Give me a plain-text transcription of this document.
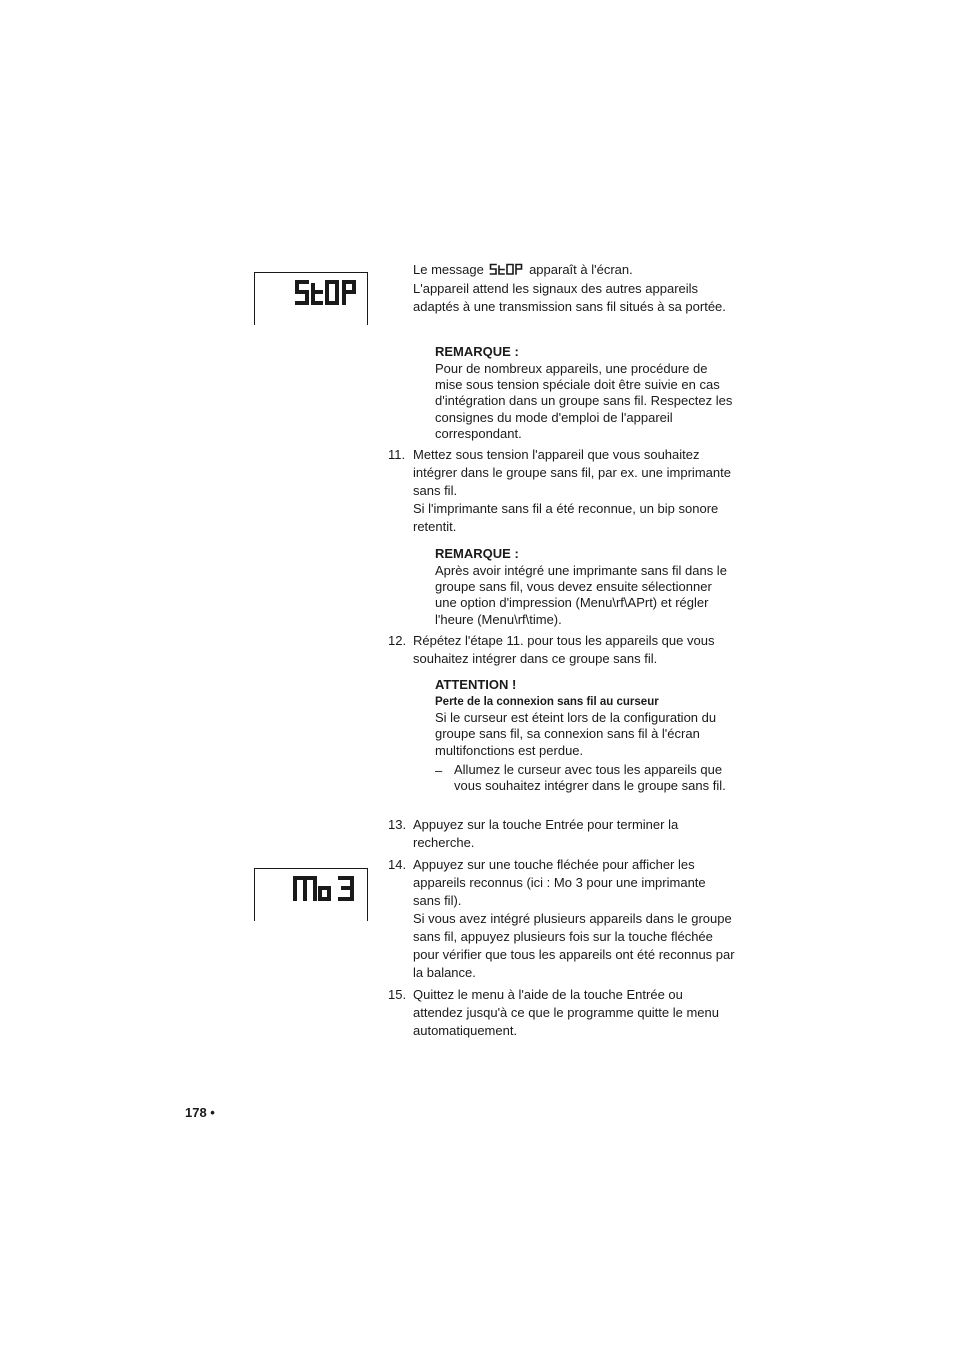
Le message	apparaît à l'écran.
L'appareil attend les signaux des autres appareils adaptés à une transmission sans fil situés à sa portée.
REMARQUE :
Pour de nombreux appareils, une procédure de mise sous tension spéciale doit être suivie en cas d'intégration dans un groupe sans fil. Respectez les consignes du mode d'emploi de l'appareil correspondant.
11. Mettez sous tension l'appareil que vous souhaitez intégrer dans le groupe sans fil, par ex. une imprimante sans fil.
Si l'imprimante sans fil a été reconnue, un bip sonore retentit.
REMARQUE :
Après avoir intégré une imprimante sans fil dans le groupe sans fil, vous devez ensuite sélectionner une option d'impression (Menu\rf\APrt) et régler l'heure (Menu\rf\time).
12. Répétez l'étape 11. pour tous les appareils que vous souhaitez intégrer dans ce groupe sans fil.
ATTENTION !
Perte de la connexion sans fil au curseur
Si le curseur est éteint lors de la configuration du groupe sans fil, sa connexion sans fil à l'écran multifonctions est perdue.
– Allumez le curseur avec tous les appareils que vous souhaitez intégrer dans le groupe sans fil.
13. Appuyez sur la touche Entrée pour terminer la recherche.
14. Appuyez sur une touche fléchée pour afficher les appareils reconnus (ici : Mo 3 pour une imprimante sans fil).
Si vous avez intégré plusieurs appareils dans le groupe sans fil, appuyez plusieurs fois sur la touche fléchée pour vérifier que tous les appareils ont été reconnus par la balance.
15. Quittez le menu à l'aide de la touche Entrée ou attendez jusqu'à ce que le programme quitte le menu automatiquement.
178 •
